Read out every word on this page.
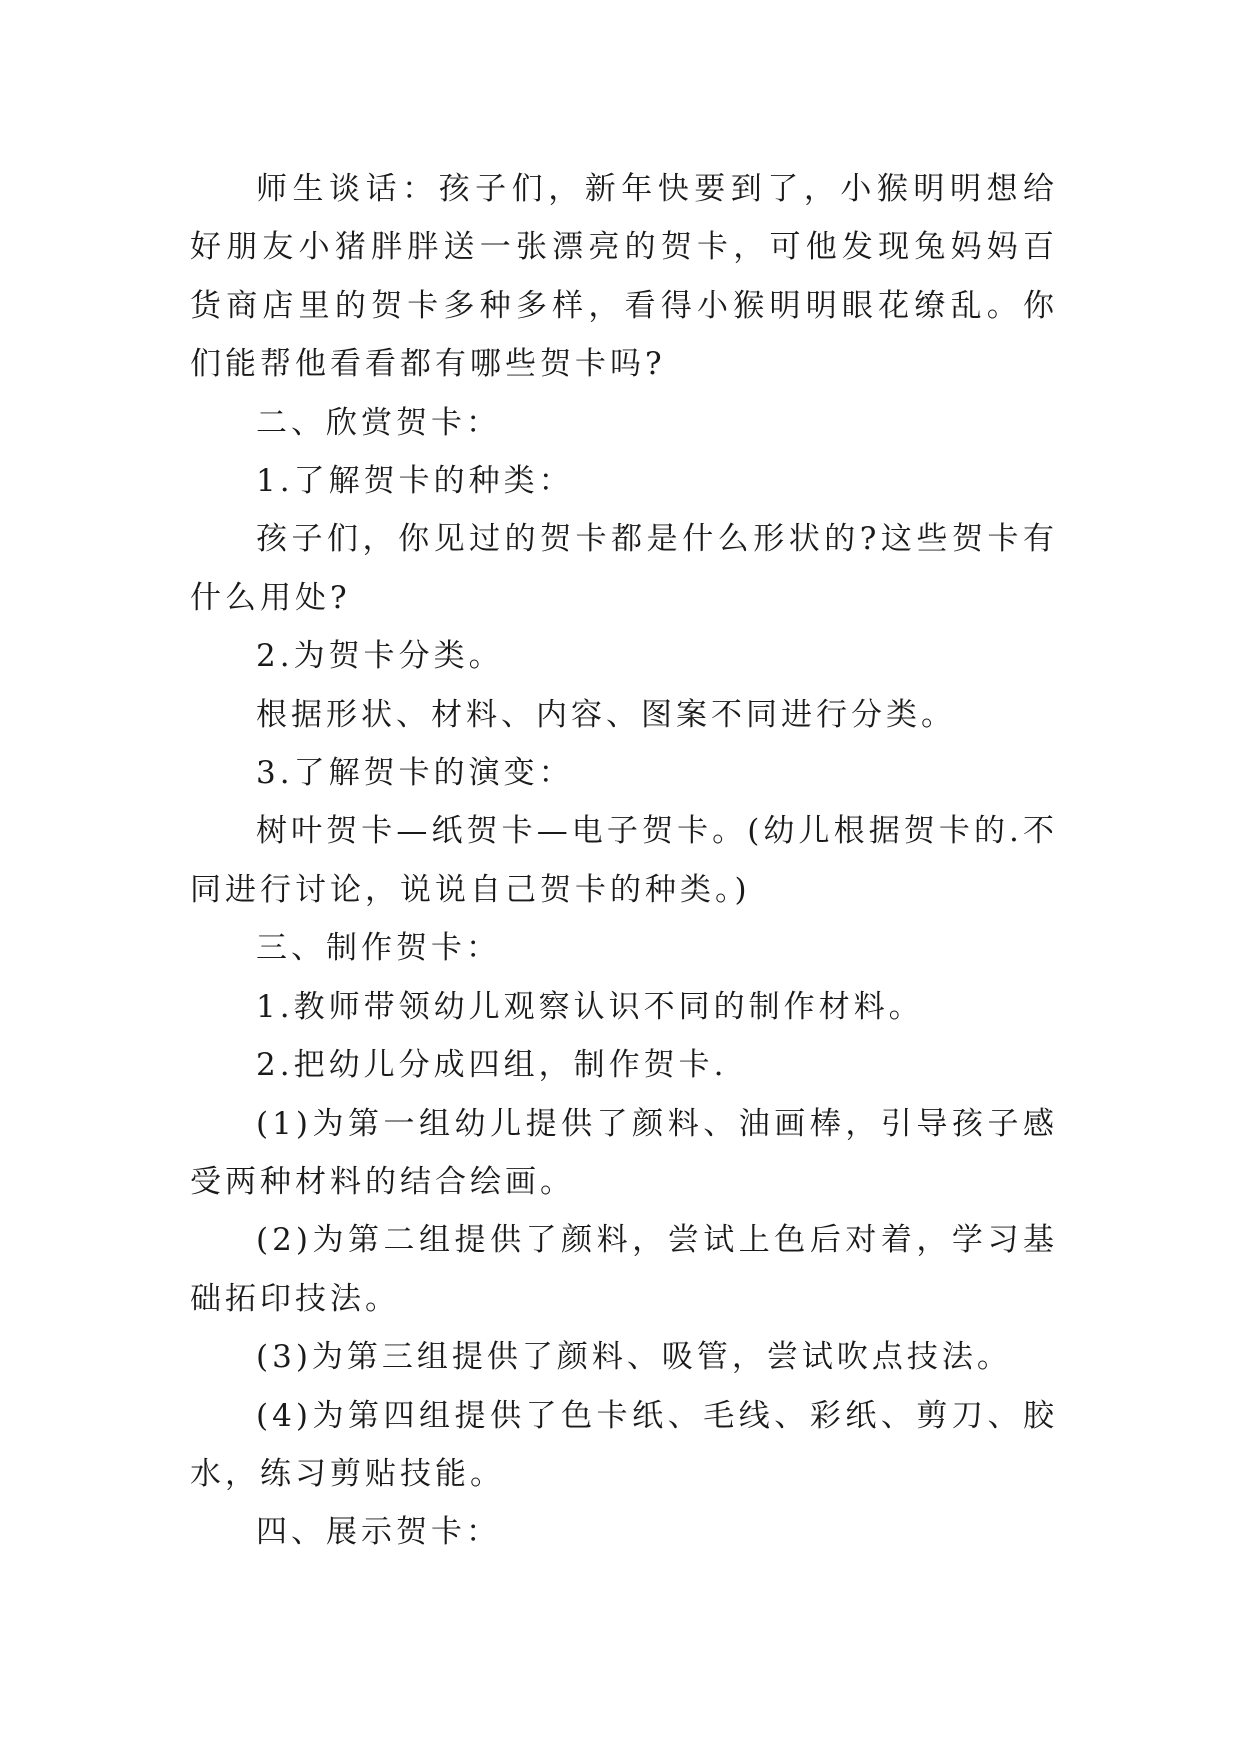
师生谈话：孩子们，新年快要到了，小猴明明想给好朋友小猪胖胖送一张漂亮的贺卡，可他发现兔妈妈百货商店里的贺卡多种多样，看得小猴明明眼花缭乱。你们能帮他看看都有哪些贺卡吗?

二、欣赏贺卡：

1.了解贺卡的种类：

孩子们，你见过的贺卡都是什么形状的?这些贺卡有什么用处?

2.为贺卡分类。

根据形状、材料、内容、图案不同进行分类。

3.了解贺卡的演变：

树叶贺卡—纸贺卡—电子贺卡。(幼儿根据贺卡的.不同进行讨论，说说自己贺卡的种类。)

三、制作贺卡：

1.教师带领幼儿观察认识不同的制作材料。

2.把幼儿分成四组，制作贺卡.

(1)为第一组幼儿提供了颜料、油画棒，引导孩子感受两种材料的结合绘画。

(2)为第二组提供了颜料，尝试上色后对着，学习基础拓印技法。

(3)为第三组提供了颜料、吸管，尝试吹点技法。

(4)为第四组提供了色卡纸、毛线、彩纸、剪刀、胶水，练习剪贴技能。

四、展示贺卡：
